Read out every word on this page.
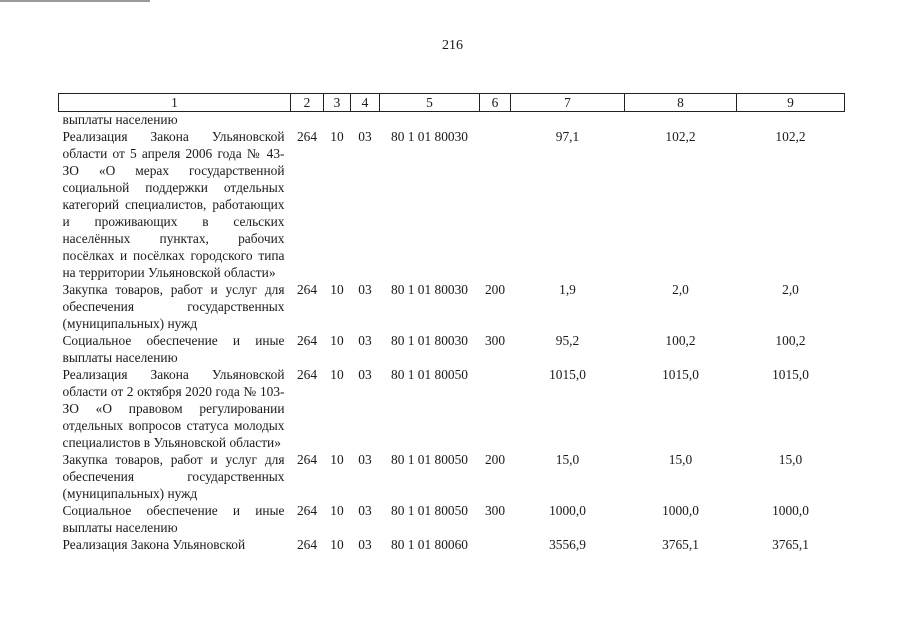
216
1	2	3	4	5	6	7	8	9
выплаты населению								
Реализация Закона Ульяновской области от 5 апреля 2006 года № 43-ЗО «О мерах государственной социальной поддержки отдельных категорий специалистов, работающих и проживающих в сельских населённых пунктах, рабочих посёлках и посёлках городского типа на территории Ульяновской области»	264	10	03	80 1 01 80030		97,1	102,2	102,2
Закупка товаров, работ и услуг для обеспечения государственных (муниципальных) нужд	264	10	03	80 1 01 80030	200	1,9	2,0	2,0
Социальное обеспечение и иные выплаты населению	264	10	03	80 1 01 80030	300	95,2	100,2	100,2
Реализация Закона Ульяновской области от 2 октября 2020 года № 103-ЗО «О правовом регулировании отдельных вопросов статуса молодых специалистов в Ульяновской области»	264	10	03	80 1 01 80050		1015,0	1015,0	1015,0
Закупка товаров, работ и услуг для обеспечения государственных (муниципальных) нужд	264	10	03	80 1 01 80050	200	15,0	15,0	15,0
Социальное обеспечение и иные выплаты населению	264	10	03	80 1 01 80050	300	1000,0	1000,0	1000,0
Реализация Закона Ульяновской	264	10	03	80 1 01 80060		3556,9	3765,1	3765,1
